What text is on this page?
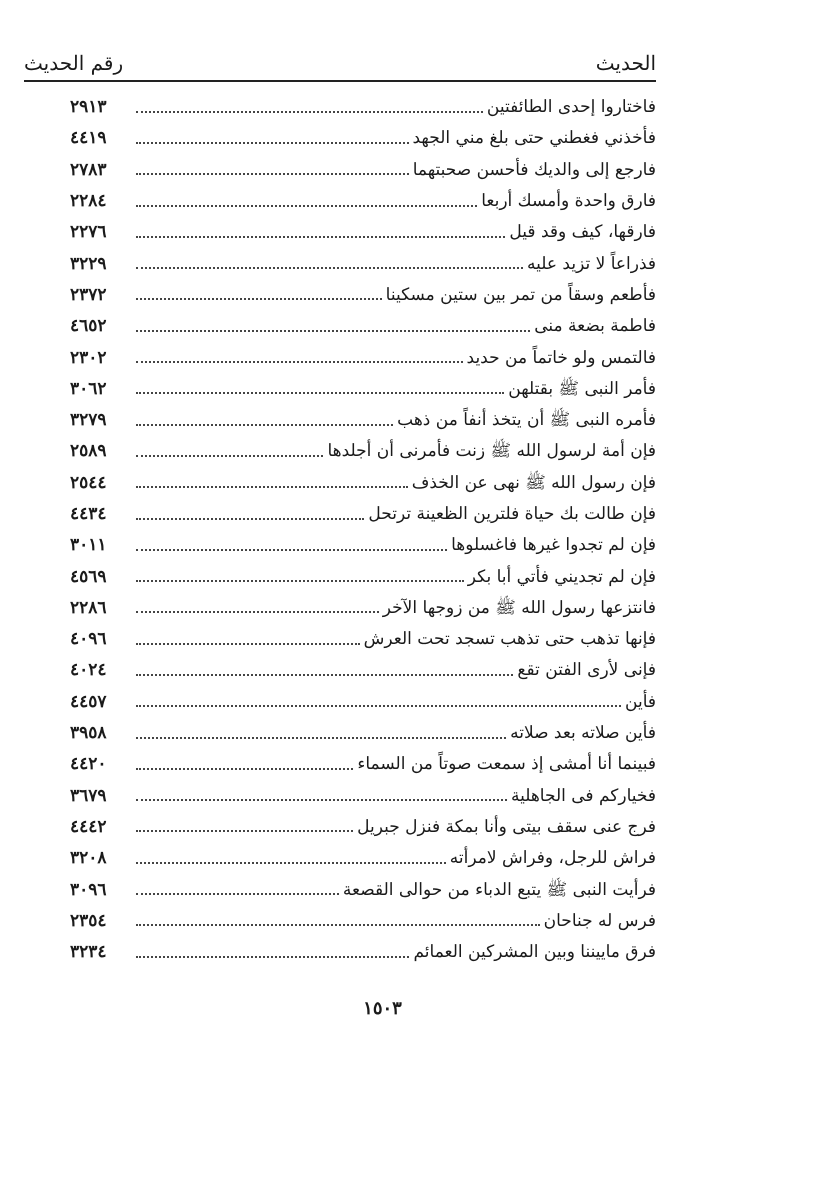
الحديث
رقم الحديث
فاختاروا إحدى الطائفتين
٢٩١٣
فأخذني فغطني حتى بلغ مني الجهد
٤٤١٩
فارجع إلى والديك فأحسن صحبتهما
٢٧٨٣
فارق واحدة وأمسك أربعا
٢٢٨٤
فارقها، كيف وقد قيل
٢٢٧٦
فذراعاً لا تزيد عليه
٣٢٢٩
فأطعم وسقاً من تمر بين ستين مسكينا
٢٣٧٢
فاطمة بضعة منى
٤٦٥٢
فالتمس ولو خاتماً من حديد
٢٣٠٢
فأمر النبى ﷺ بقتلهن
٣٠٦٢
فأمره النبى ﷺ أن يتخذ أنفاً من ذهب
٣٢٧٩
فإن أمة لرسول الله ﷺ زنت فأمرنى أن أجلدها
٢٥٨٩
فإن رسول الله ﷺ نهى عن الخذف
٢٥٤٤
فإن طالت بك حياة فلترين الظعينة ترتحل
٤٤٣٤
فإن لم تجدوا غيرها فاغسلوها
٣٠١١
فإن لم تجديني فأتي أبا بكر
٤٥٦٩
فانتزعها رسول الله ﷺ من زوجها الآخر
٢٢٨٦
فإنها تذهب حتى تذهب تسجد تحت العرش
٤٠٩٦
فإنى لأرى الفتن تقع
٤٠٢٤
فأين
٤٤٥٧
فأين صلاته بعد صلاته
٣٩٥٨
فبينما أنا أمشى إذ سمعت صوتاً من السماء
٤٤٢٠
فخياركم فى الجاهلية
٣٦٧٩
فرج عنى سقف بيتى وأنا بمكة فنزل جبريل
٤٤٤٢
فراش للرجل، وفراش لامرأته
٣٢٠٨
فرأيت النبى ﷺ يتبع الدباء من حوالى القصعة
٣٠٩٦
فرس له جناحان
٢٣٥٤
فرق ماييننا وبين المشركين العمائم
٣٢٣٤
١٥٠٣
